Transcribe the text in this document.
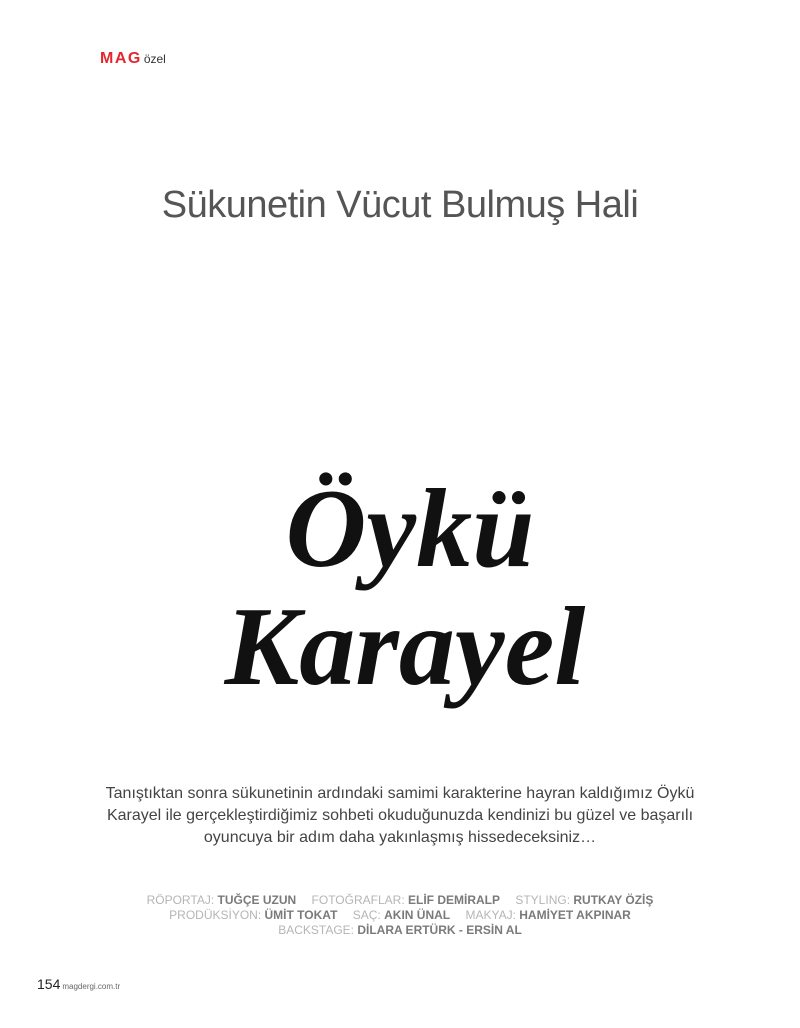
MAG özel
Sükunetin Vücut Bulmuş Hali
Öykü
Karayel

Tanıştıktan sonra sükunetinin ardındaki samimi karakterine hayran kaldığımız Öykü Karayel ile gerçekleştirdiğimiz sohbeti okuduğunuzda kendinizi bu güzel ve başarılı oyuncuya bir adım daha yakınlaşmış hissedeceksiniz…

RÖPORTAJ: TUĞÇE UZUN FOTOĞRAFLAR: ELİF DEMİRALP STYLING: RUTKAY ÖZİŞ
PRODÜKSİYON: ÜMİT TOKAT SAÇ: AKIN ÜNAL MAKYAJ: HAMİYET AKPINAR
BACKSTAGE: DİLARA ERTÜRK - ERSİN AL
154 magdergi.com.tr
